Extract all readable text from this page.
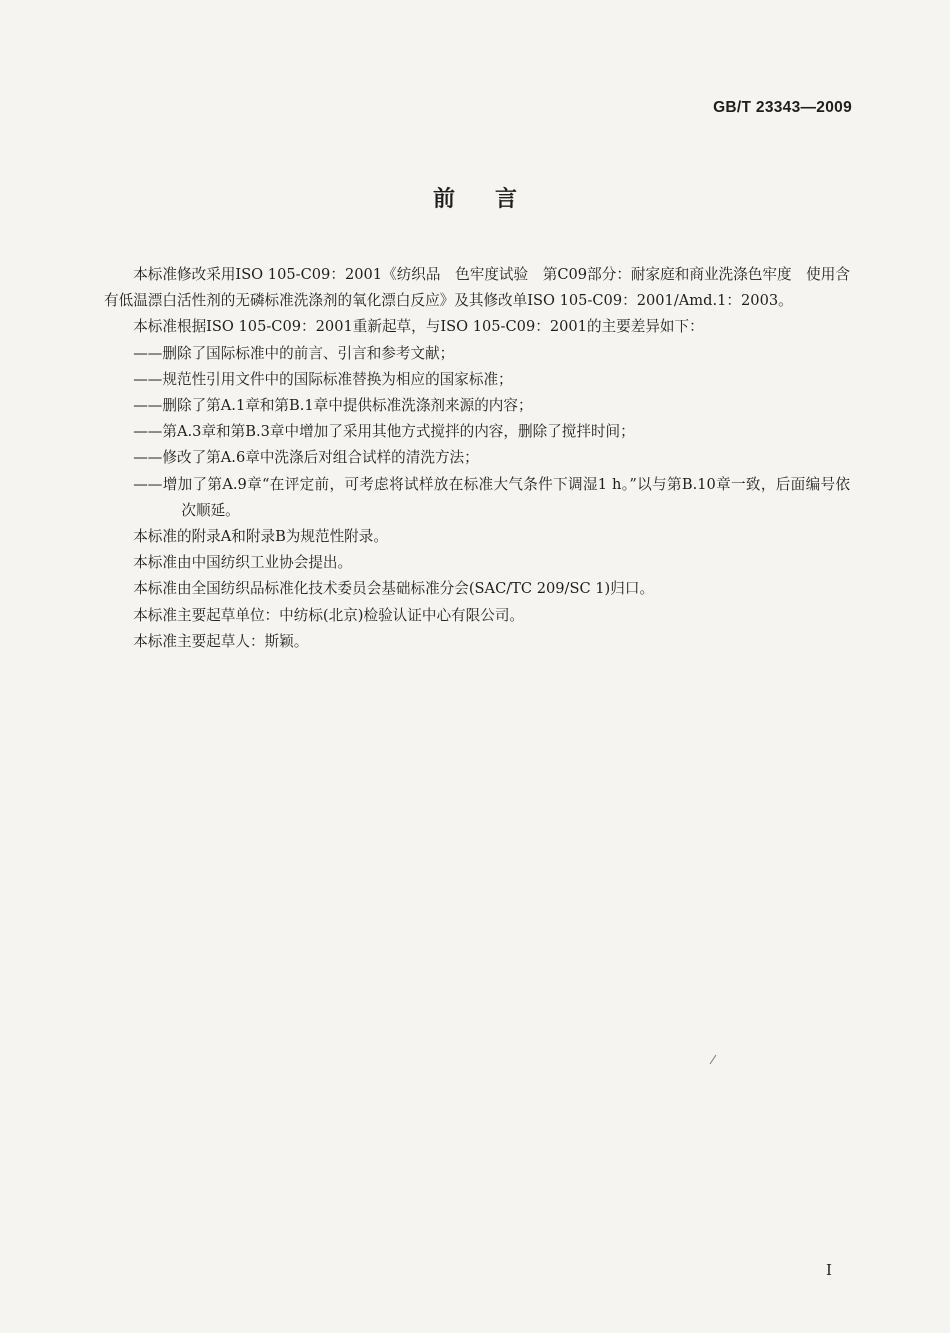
GB/T 23343—2009
前言

本标准修改采用ISO 105-C09：2001《纺织品　色牢度试验　第C09部分：耐家庭和商业洗涤色牢度　使用含有低温漂白活性剂的无磷标准洗涤剂的氧化漂白反应》及其修改单ISO 105-C09：2001/Amd.1：2003。

本标准根据ISO 105-C09：2001重新起草，与ISO 105-C09：2001的主要差异如下：

——删除了国际标准中的前言、引言和参考文献；
——规范性引用文件中的国际标准替换为相应的国家标准；
——删除了第A.1章和第B.1章中提供标准洗涤剂来源的内容；
——第A.3章和第B.3章中增加了采用其他方式搅拌的内容，删除了搅拌时间；
——修改了第A.6章中洗涤后对组合试样的清洗方法；
——增加了第A.9章“在评定前，可考虑将试样放在标准大气条件下调湿1 h。”以与第B.10章一致，后面编号依次顺延。

本标准的附录A和附录B为规范性附录。

本标准由中国纺织工业协会提出。

本标准由全国纺织品标准化技术委员会基础标准分会(SAC/TC 209/SC 1)归口。

本标准主要起草单位：中纺标(北京)检验认证中心有限公司。

本标准主要起草人：斯颖。

I
